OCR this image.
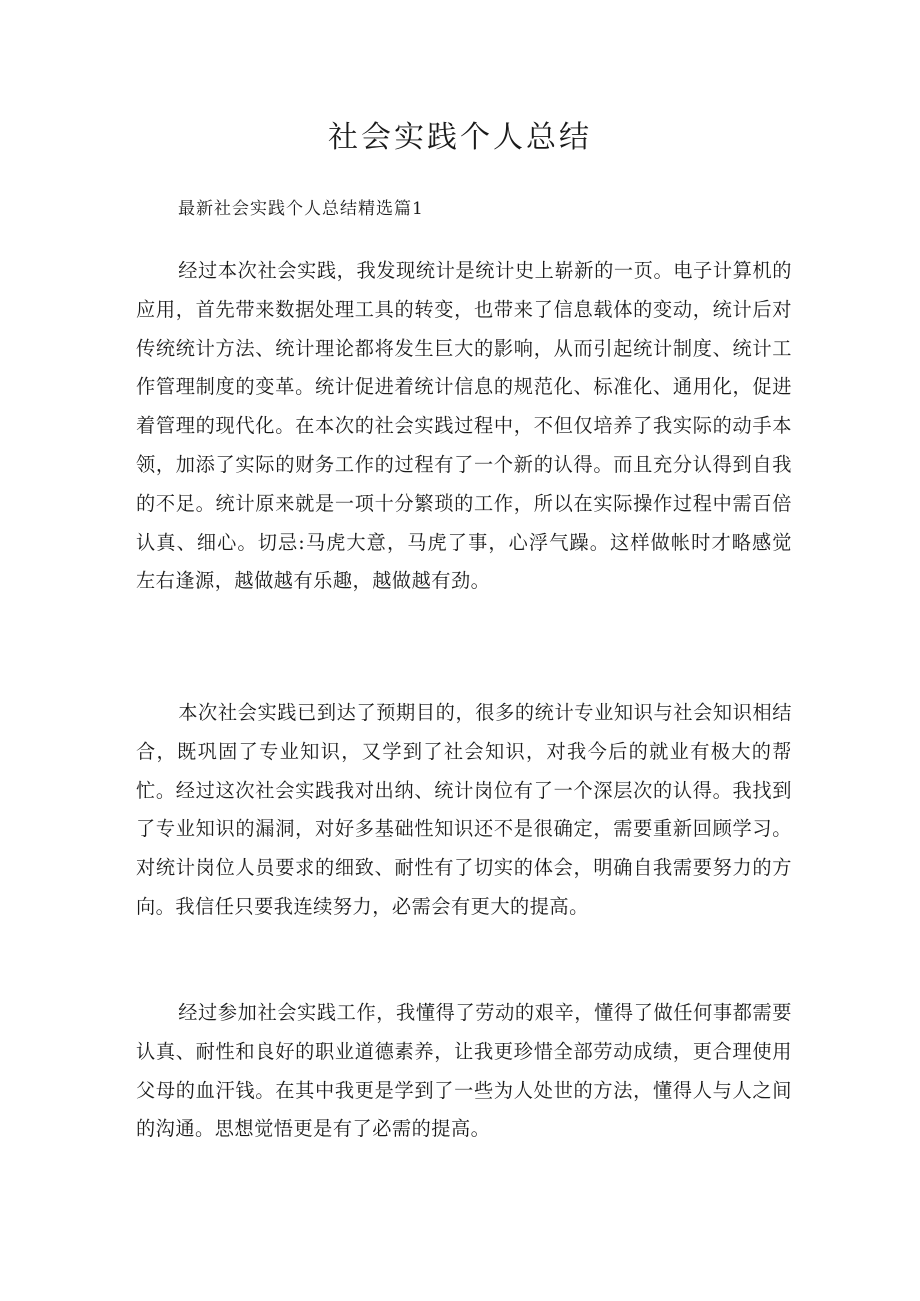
社会实践个人总结

最新社会实践个人总结精选篇1

经过本次社会实践，我发现统计是统计史上崭新的一页。电子计算机的应用，首先带来数据处理工具的转变，也带来了信息载体的变动，统计后对传统统计方法、统计理论都将发生巨大的影响，从而引起统计制度、统计工作管理制度的变革。统计促进着统计信息的规范化、标准化、通用化，促进着管理的现代化。在本次的社会实践过程中，不但仅培养了我实际的动手本领，加添了实际的财务工作的过程有了一个新的认得。而且充分认得到自我的不足。统计原来就是一项十分繁琐的工作，所以在实际操作过程中需百倍认真、细心。切忌:马虎大意，马虎了事，心浮气躁。这样做帐时才略感觉左右逢源，越做越有乐趣，越做越有劲。

本次社会实践已到达了预期目的，很多的统计专业知识与社会知识相结合，既巩固了专业知识，又学到了社会知识，对我今后的就业有极大的帮忙。经过这次社会实践我对出纳、统计岗位有了一个深层次的认得。我找到了专业知识的漏洞，对好多基础性知识还不是很确定，需要重新回顾学习。对统计岗位人员要求的细致、耐性有了切实的体会，明确自我需要努力的方向。我信任只要我连续努力，必需会有更大的提高。

经过参加社会实践工作，我懂得了劳动的艰辛，懂得了做任何事都需要认真、耐性和良好的职业道德素养，让我更珍惜全部劳动成绩，更合理使用父母的血汗钱。在其中我更是学到了一些为人处世的方法，懂得人与人之间的沟通。思想觉悟更是有了必需的提高。
